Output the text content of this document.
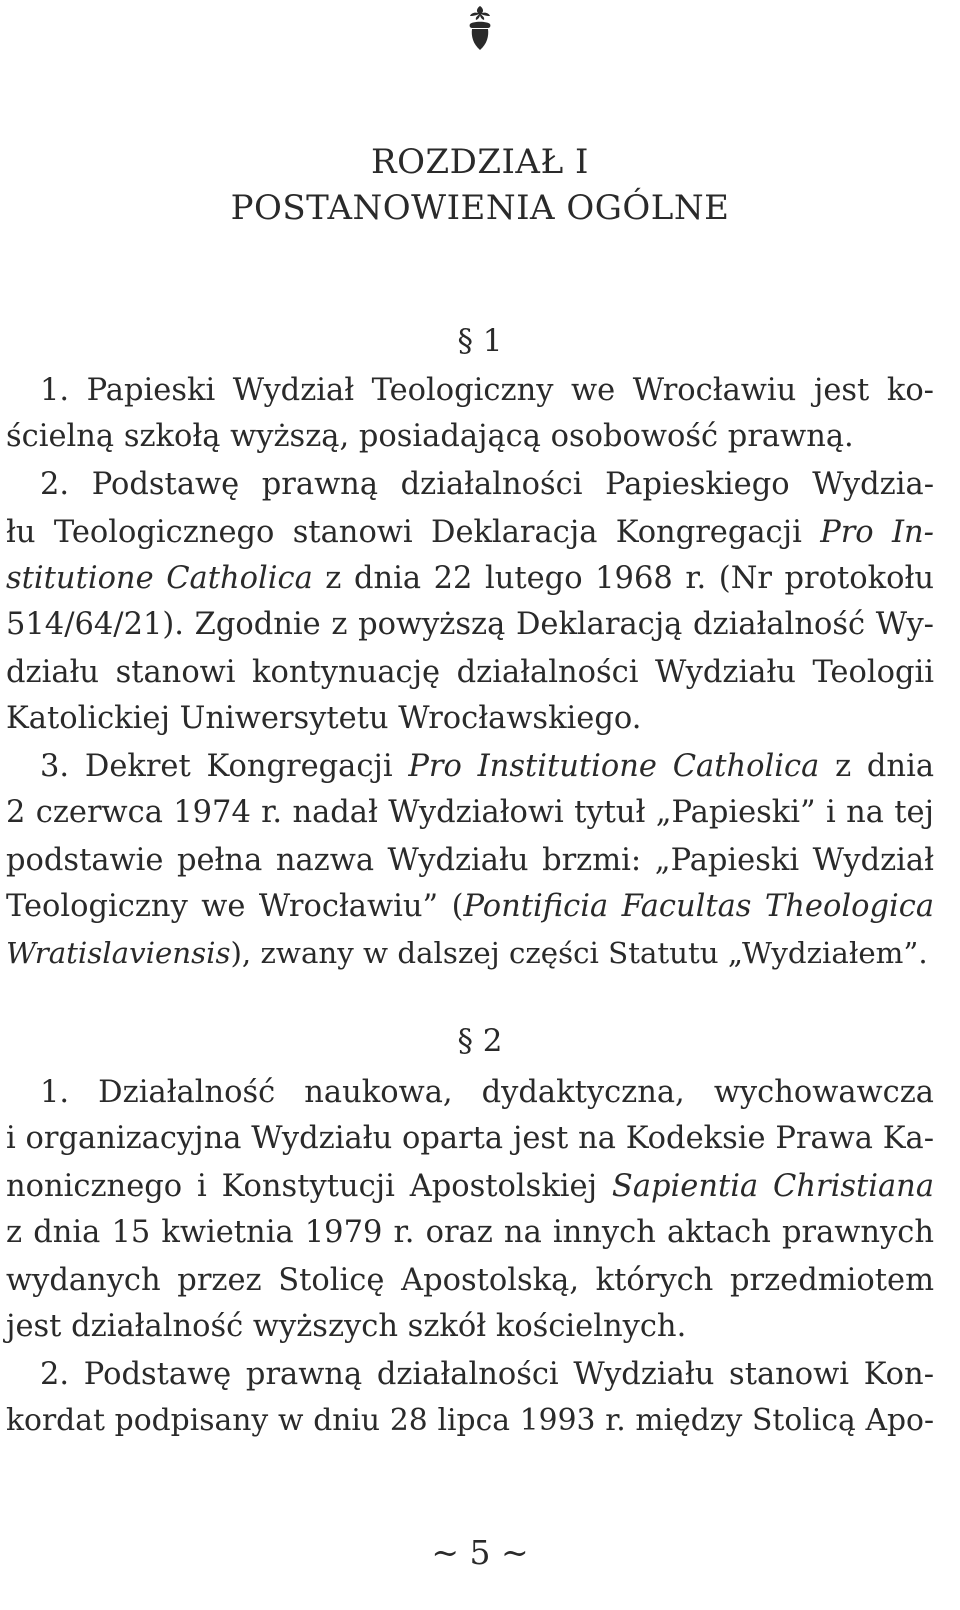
ROZDZIAŁ I
POSTANOWIENIA OGÓLNE
§ 1
1. Papieski Wydział Teologiczny we Wrocławiu jest ko-
ścielną szkołą wyższą, posiadającą osobowość prawną.
2. Podstawę prawną działalności Papieskiego Wydzia-
łu Teologicznego stanowi Deklaracja Kongregacji Pro In-
stitutione Catholica z dnia 22 lutego 1968 r. (Nr protokołu
514/64/21). Zgodnie z powyższą Deklaracją działalność Wy-
działu stanowi kontynuację działalności Wydziału Teologii
Katolickiej Uniwersytetu Wrocławskiego.
3. Dekret Kongregacji Pro Institutione Catholica z dnia
2 czerwca 1974 r. nadał Wydziałowi tytuł „Papieski” i na tej
podstawie pełna nazwa Wydziału brzmi: „Papieski Wydział
Teologiczny we Wrocławiu” (Pontificia Facultas Theologica
Wratislaviensis), zwany w dalszej części Statutu „Wydziałem”.
§ 2
1. Działalność naukowa, dydaktyczna, wychowawcza
i organizacyjna Wydziału oparta jest na Kodeksie Prawa Ka-
nonicznego i Konstytucji Apostolskiej Sapientia Christiana
z dnia 15 kwietnia 1979 r. oraz na innych aktach prawnych
wydanych przez Stolicę Apostolską, których przedmiotem
jest działalność wyższych szkół kościelnych.
2. Podstawę prawną działalności Wydziału stanowi Kon-
kordat podpisany w dniu 28 lipca 1993 r. między Stolicą Apo-
~ 5 ~
